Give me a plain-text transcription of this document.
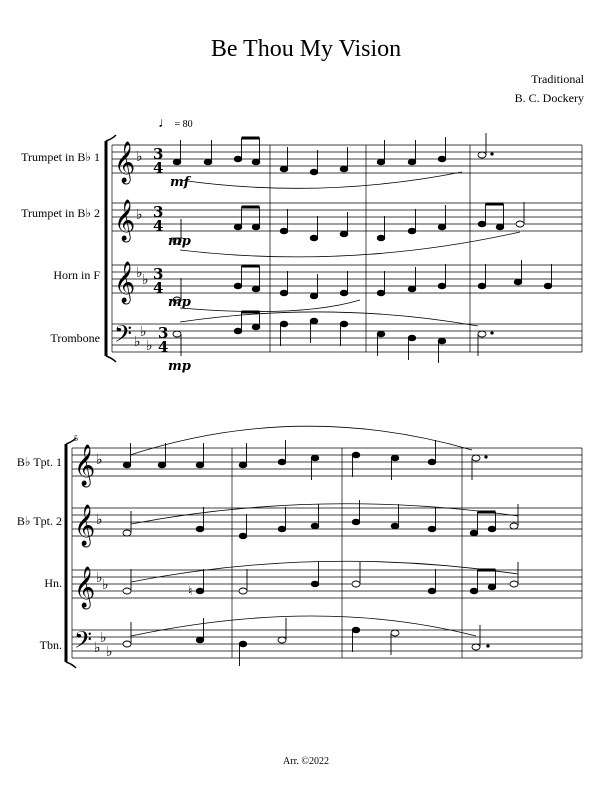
Be Thou My Vision
Traditional
B. C. Dockery
♩ = 80
Trumpet in B♭ 1
Trumpet in B♭ 2
Horn in F
Trombone
5
B♭ Tpt. 1
B♭ Tpt. 2
Hn.
Tbn.
𝄞
𝄞
𝄞
𝄢
♭
♭
♭ ♭
♭
♭
♭
3
4
3
4
3
4
3
4
mf
mp
mp
mp
𝄞
𝄞
𝄞
𝄢
♭
♭
♭ ♭
♭
♭
♭
♮
Arr. ©2022
